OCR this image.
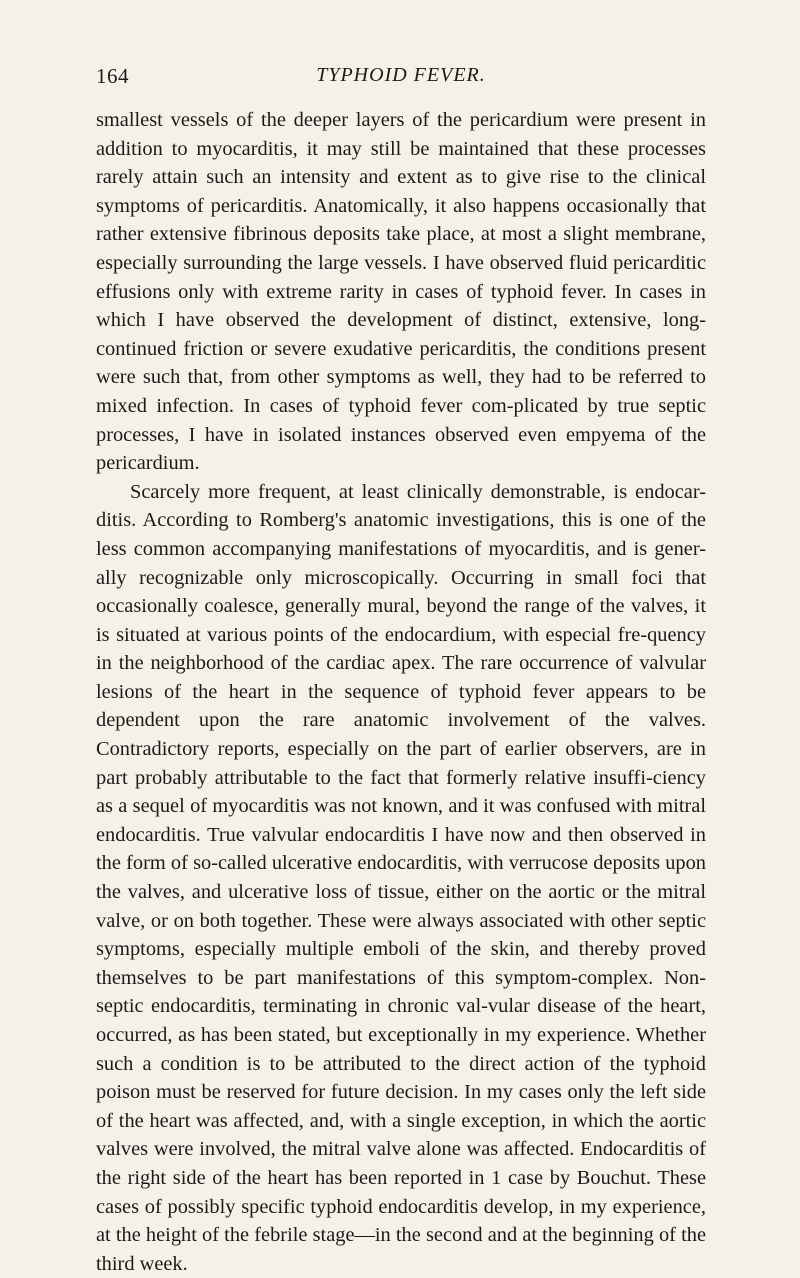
164	TYPHOID FEVER.

smallest vessels of the deeper layers of the pericardium were present in addition to myocarditis, it may still be maintained that these processes rarely attain such an intensity and extent as to give rise to the clinical symptoms of pericarditis. Anatomically, it also happens occasionally that rather extensive fibrinous deposits take place, at most a slight membrane, especially surrounding the large vessels. I have observed fluid pericarditic effusions only with extreme rarity in cases of typhoid fever. In cases in which I have observed the development of distinct, extensive, long-continued friction or severe exudative pericarditis, the conditions present were such that, from other symptoms as well, they had to be referred to mixed infection. In cases of typhoid fever com-plicated by true septic processes, I have in isolated instances observed even empyema of the pericardium.

Scarcely more frequent, at least clinically demonstrable, is endocar-ditis. According to Romberg's anatomic investigations, this is one of the less common accompanying manifestations of myocarditis, and is gener-ally recognizable only microscopically. Occurring in small foci that occasionally coalesce, generally mural, beyond the range of the valves, it is situated at various points of the endocardium, with especial fre-quency in the neighborhood of the cardiac apex. The rare occurrence of valvular lesions of the heart in the sequence of typhoid fever appears to be dependent upon the rare anatomic involvement of the valves. Contradictory reports, especially on the part of earlier observers, are in part probably attributable to the fact that formerly relative insuffi-ciency as a sequel of myocarditis was not known, and it was confused with mitral endocarditis. True valvular endocarditis I have now and then observed in the form of so-called ulcerative endocarditis, with verrucose deposits upon the valves, and ulcerative loss of tissue, either on the aortic or the mitral valve, or on both together. These were always associated with other septic symptoms, especially multiple emboli of the skin, and thereby proved themselves to be part manifestations of this symptom-complex. Non-septic endocarditis, terminating in chronic val-vular disease of the heart, occurred, as has been stated, but exceptionally in my experience. Whether such a condition is to be attributed to the direct action of the typhoid poison must be reserved for future decision. In my cases only the left side of the heart was affected, and, with a single exception, in which the aortic valves were involved, the mitral valve alone was affected. Endocarditis of the right side of the heart has been reported in 1 case by Bouchut. These cases of possibly specific typhoid endocarditis develop, in my experience, at the height of the febrile stage—in the second and at the beginning of the third week.
